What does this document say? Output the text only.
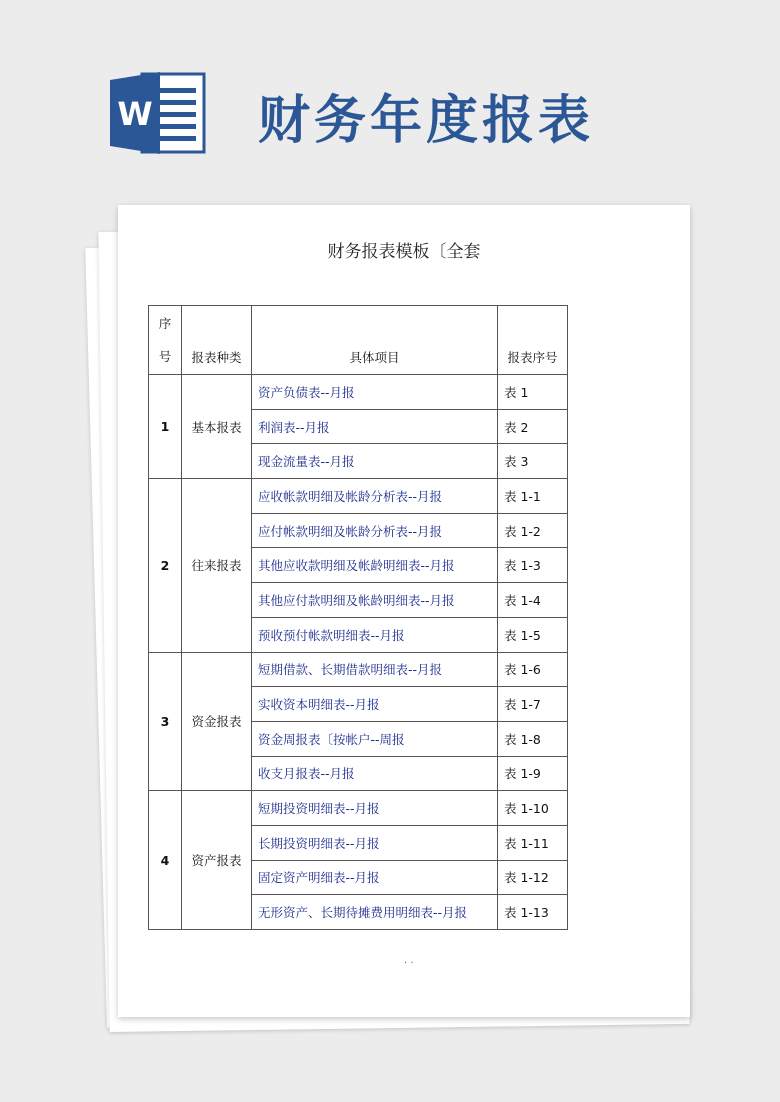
W 财务年度报表
财务报表模板〔全套
序
号	报表种类	具体项目	报表序号
1	基本报表	资产负债表--月报	表 1
		利润表--月报	表 2
		现金流量表--月报	表 3
2	往来报表	应收帐款明细及帐龄分析表--月报	表 1-1
		应付帐款明细及帐龄分析表--月报	表 1-2
		其他应收款明细及帐龄明细表--月报	表 1-3
		其他应付款明细及帐龄明细表--月报	表 1-4
		预收预付帐款明细表--月报	表 1-5
3	资金报表	短期借款、长期借款明细表--月报	表 1-6
		实收资本明细表--月报	表 1-7
		资金周报表〔按帐户--周报	表 1-8
		收支月报表--月报	表 1-9
4	资产报表	短期投资明细表--月报	表 1-10
		长期投资明细表--月报	表 1-11
		固定资产明细表--月报	表 1-12
		无形资产、长期待摊费用明细表--月报	表 1-13
. .
